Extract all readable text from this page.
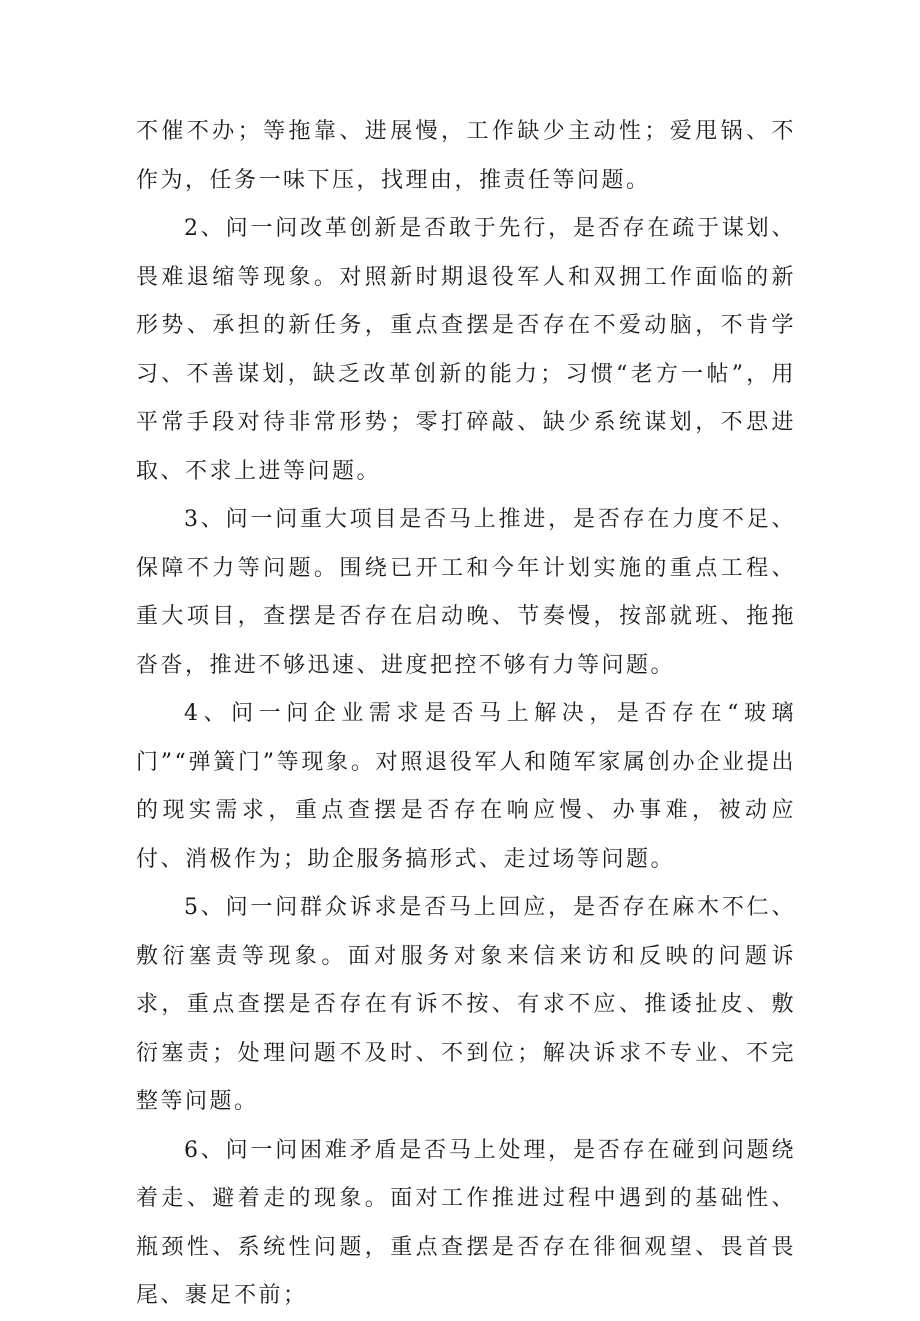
不催不办；等拖靠、进展慢，工作缺少主动性；爱甩锅、不作为，任务一味下压，找理由，推责任等问题。

2、问一问改革创新是否敢于先行，是否存在疏于谋划、畏难退缩等现象。对照新时期退役军人和双拥工作面临的新形势、承担的新任务，重点查摆是否存在不爱动脑，不肯学习、不善谋划，缺乏改革创新的能力；习惯“老方一帖”，用平常手段对待非常形势；零打碎敲、缺少系统谋划，不思进取、不求上进等问题。

3、问一问重大项目是否马上推进，是否存在力度不足、保障不力等问题。围绕已开工和今年计划实施的重点工程、重大项目，查摆是否存在启动晚、节奏慢，按部就班、拖拖沓沓，推进不够迅速、进度把控不够有力等问题。

4、问一问企业需求是否马上解决，是否存在“玻璃门”“弹簧门”等现象。对照退役军人和随军家属创办企业提出的现实需求，重点查摆是否存在响应慢、办事难，被动应付、消极作为；助企服务搞形式、走过场等问题。

5、问一问群众诉求是否马上回应，是否存在麻木不仁、敷衍塞责等现象。面对服务对象来信来访和反映的问题诉求，重点查摆是否存在有诉不按、有求不应、推诿扯皮、敷衍塞责；处理问题不及时、不到位；解决诉求不专业、不完整等问题。

6、问一问困难矛盾是否马上处理，是否存在碰到问题绕着走、避着走的现象。面对工作推进过程中遇到的基础性、瓶颈性、系统性问题，重点查摆是否存在徘徊观望、畏首畏尾、裹足不前；
